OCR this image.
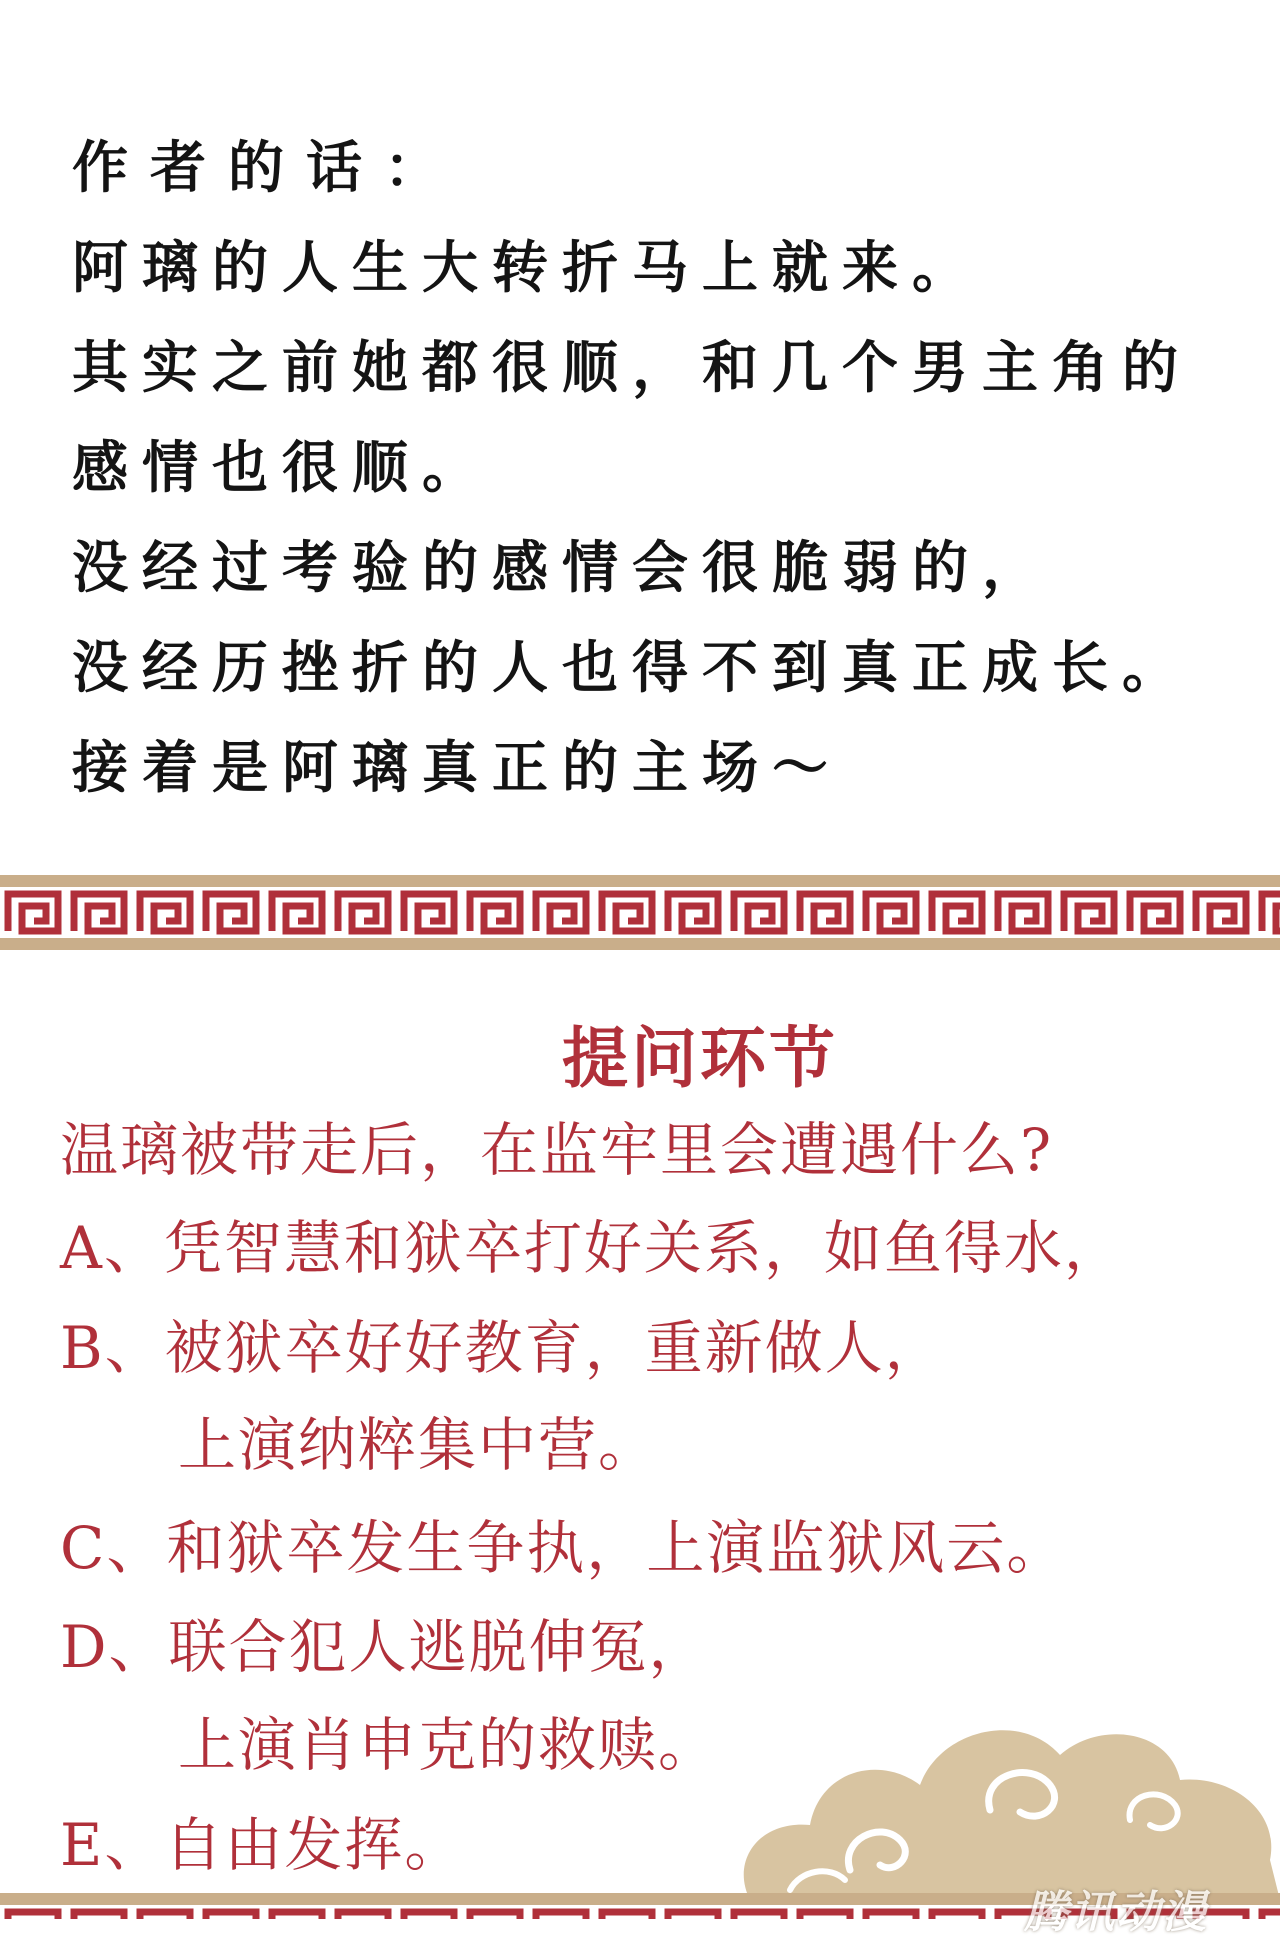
作者的话：
阿璃的人生大转折马上就来。
其实之前她都很顺，和几个男主角的
感情也很顺。
没经过考验的感情会很脆弱的，
没经历挫折的人也得不到真正成长。
接着是阿璃真正的主场～
提问环节
温璃被带走后，在监牢里会遭遇什么?
A、凭智慧和狱卒打好关系，如鱼得水，
B、被狱卒好好教育，重新做人，
上演纳粹集中营。
C、和狱卒发生争执，上演监狱风云。
D、联合犯人逃脱伸冤，
上演肖申克的救赎。
E、自由发挥。
腾讯动漫
